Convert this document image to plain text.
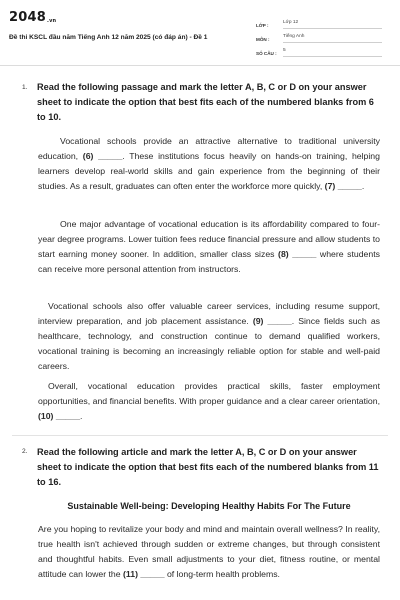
$2048_{.vn}$
Đề thi KSCL đầu năm Tiếng Anh 12 năm 2025 (có đáp án) - Đề 1
LỚP :
Lớp 12
MÔN :
Tiếng Anh
SỐ CÂU :
5
1. Read the following passage and mark the letter A, B, C or D on your answer sheet to indicate the option that best fits each of the numbered blanks from 6 to 10.
Vocational schools provide an attractive alternative to traditional university education, (6) _____. These institutions focus heavily on hands-on training, helping learners develop real-world skills and gain experience from the beginning of their studies. As a result, graduates can often enter the workforce more quickly, (7) _____.
One major advantage of vocational education is its affordability compared to four-year degree programs. Lower tuition fees reduce financial pressure and allow students to start earning money sooner. In addition, smaller class sizes (8) _____ where students can receive more personal attention from instructors.
Vocational schools also offer valuable career services, including resume support, interview preparation, and job placement assistance. (9) _____. Since fields such as healthcare, technology, and construction continue to demand qualified workers, vocational training is becoming an increasingly reliable option for stable and well-paid careers.
Overall, vocational education provides practical skills, faster employment opportunities, and financial benefits. With proper guidance and a clear career orientation, (10) _____.
2. Read the following article and mark the letter A, B, C or D on your answer sheet to indicate the option that best fits each of the numbered blanks from 11 to 16.
Sustainable Well-being: Developing Healthy Habits For The Future
Are you hoping to revitalize your body and mind and maintain overall wellness? In reality, true health isn't achieved through sudden or extreme changes, but through consistent and thoughtful habits. Even small adjustments to your diet, fitness routine, or mental attitude can lower the (11) _____ of long-term health problems.
